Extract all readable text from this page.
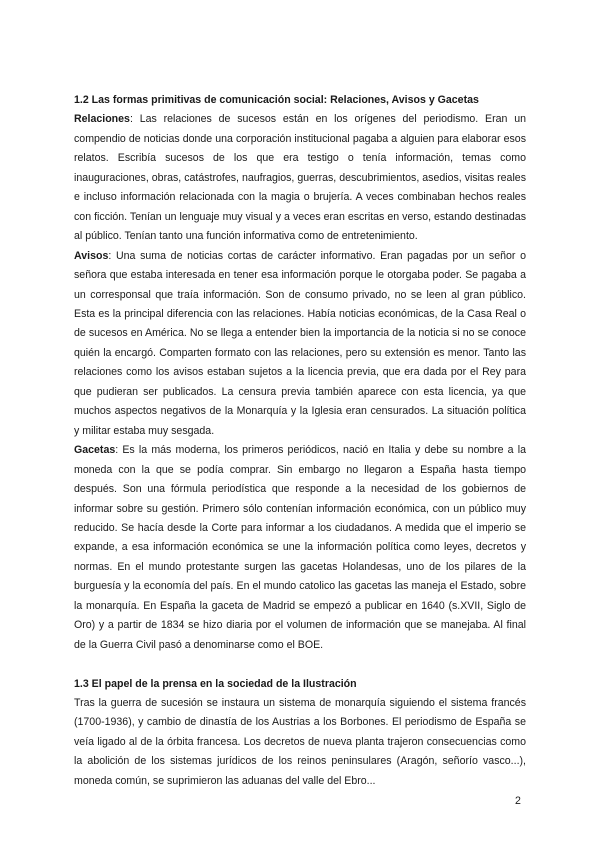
1.2 Las formas primitivas de comunicación social: Relaciones, Avisos y Gacetas

Relaciones: Las relaciones de sucesos están en los orígenes del periodismo. Eran un compendio de noticias donde una corporación institucional pagaba a alguien para elaborar esos relatos. Escribía sucesos de los que era testigo o tenía información, temas como inauguraciones, obras, catástrofes, naufragios, guerras, descubrimientos, asedios, visitas reales e incluso información relacionada con la magia o brujería. A veces combinaban hechos reales con ficción. Tenían un lenguaje muy visual y a veces eran escritas en verso, estando destinadas al público. Tenían tanto una función informativa como de entretenimiento.

Avisos: Una suma de noticias cortas de carácter informativo. Eran pagadas por un señor o señora que estaba interesada en tener esa información porque le otorgaba poder. Se pagaba a un corresponsal que traía información. Son de consumo privado, no se leen al gran público. Esta es la principal diferencia con las relaciones. Había noticias económicas, de la Casa Real o de sucesos en América. No se llega a entender bien la importancia de la noticia si no se conoce quién la encargó. Comparten formato con las relaciones, pero su extensión es menor. Tanto las relaciones como los avisos estaban sujetos a la licencia previa, que era dada por el Rey para que pudieran ser publicados. La censura previa también aparece con esta licencia, ya que muchos aspectos negativos de la Monarquía y la Iglesia eran censurados. La situación política y militar estaba muy sesgada.

Gacetas: Es la más moderna, los primeros periódicos, nació en Italia y debe su nombre a la moneda con la que se podía comprar. Sin embargo no llegaron a España hasta tiempo después. Son una fórmula periodística que responde a la necesidad de los gobiernos de informar sobre su gestión. Primero sólo contenían información económica, con un público muy reducido. Se hacía desde la Corte para informar a los ciudadanos. A medida que el imperio se expande, a esa información económica se une la información política como leyes, decretos y normas. En el mundo protestante surgen las gacetas Holandesas, uno de los pilares de la burguesía y la economía del país. En el mundo catolico las gacetas las maneja el Estado, sobre la monarquía. En España la gaceta de Madrid se empezó a publicar en 1640 (s.XVII, Siglo de Oro) y a partir de 1834 se hizo diaria por el volumen de información que se manejaba. Al final de la Guerra Civil pasó a denominarse como el BOE.

1.3 El papel de la prensa en la sociedad de la Ilustración

Tras la guerra de sucesión se instaura un sistema de monarquía siguiendo el sistema francés (1700-1936), y cambio de dinastía de los Austrias a los Borbones. El periodismo de España se veía ligado al de la órbita francesa. Los decretos de nueva planta trajeron consecuencias como la abolición de los sistemas jurídicos de los reinos peninsulares (Aragón, señorío vasco...), moneda común, se suprimieron las aduanas del valle del Ebro...

2
